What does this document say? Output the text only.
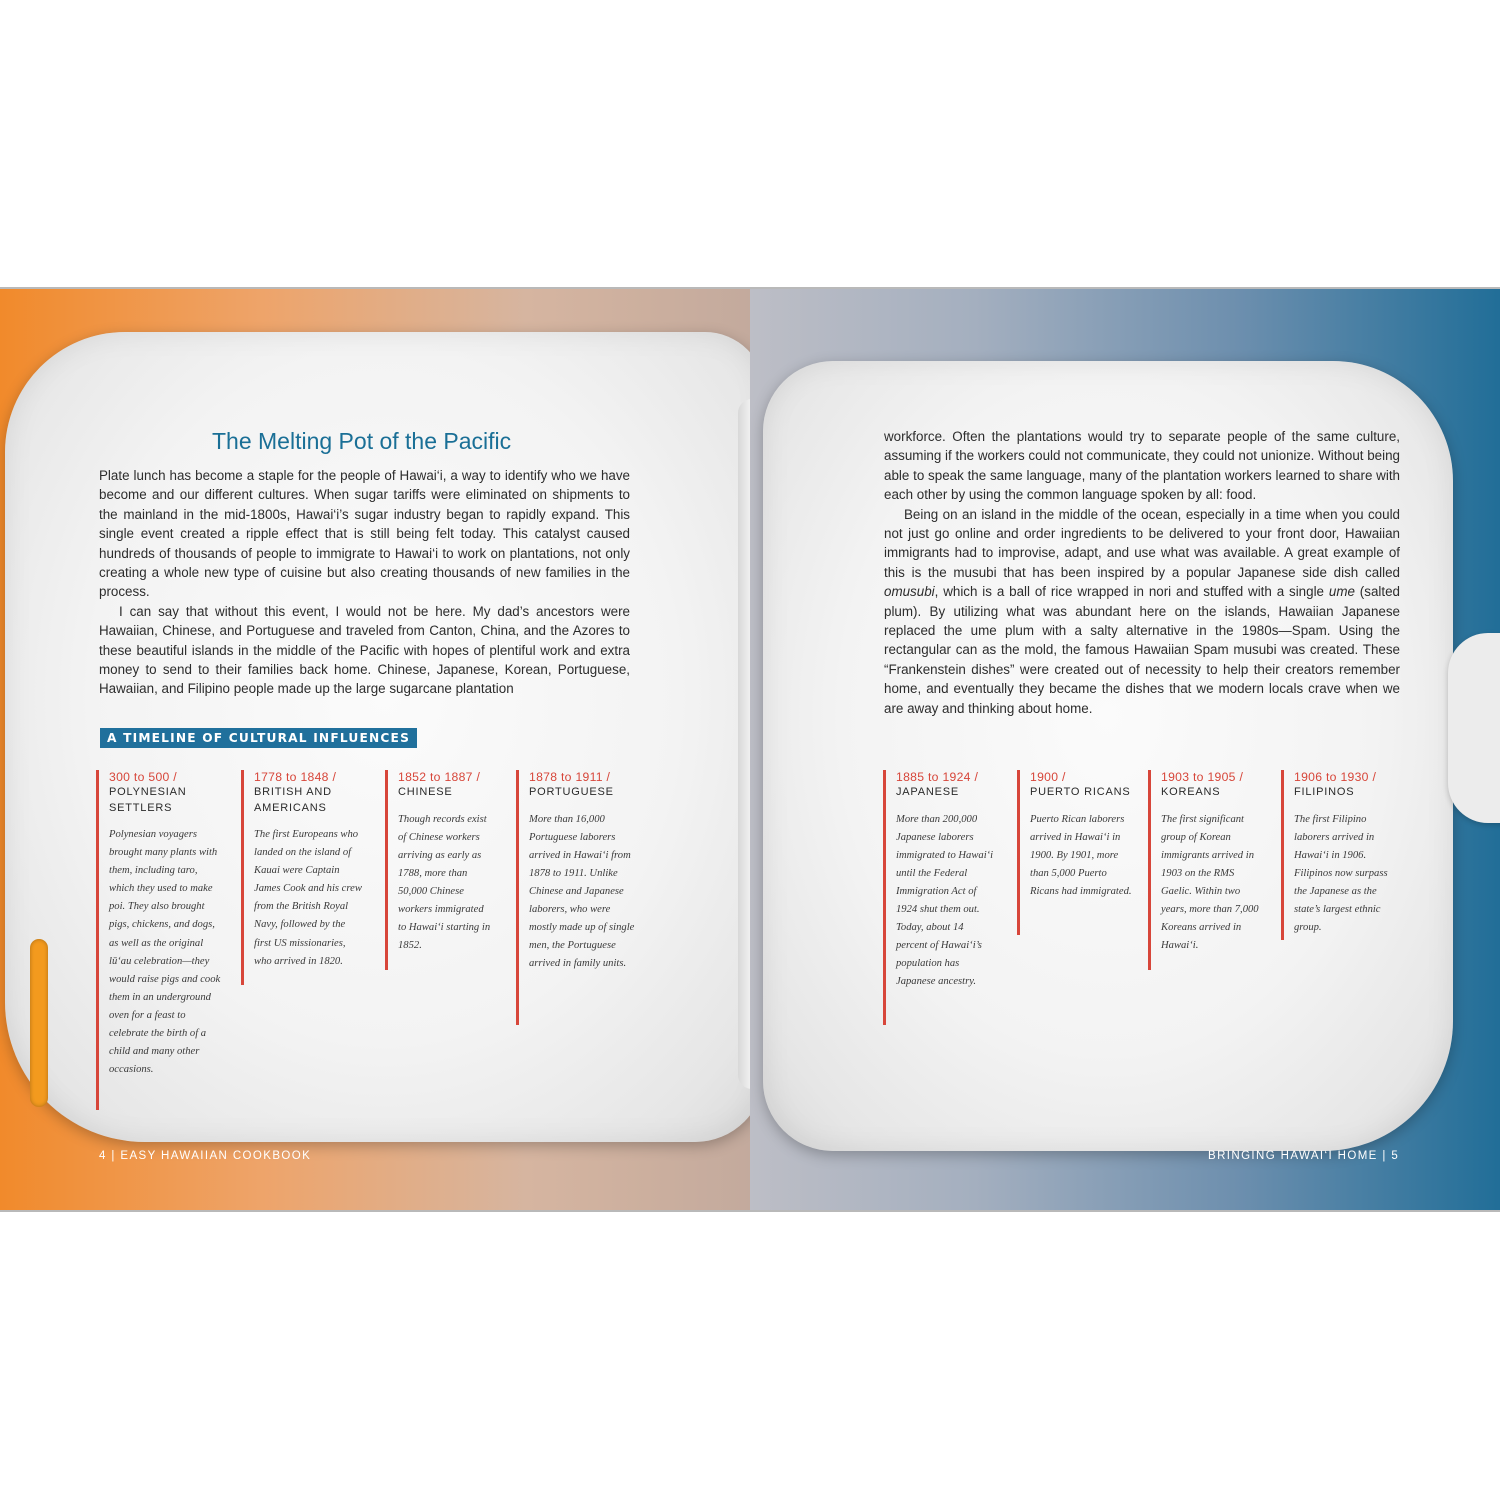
The Melting Pot of the Pacific

Plate lunch has become a staple for the people of Hawai‘i, a way to identify who we have become and our different cultures. When sugar tariffs were eliminated on shipments to the mainland in the mid-1800s, Hawai‘i’s sugar industry began to rapidly expand. This single event created a ripple effect that is still being felt today. This catalyst caused hundreds of thousands of people to immigrate to Hawai‘i to work on plantations, not only creating a whole new type of cuisine but also creating thousands of new families in the process.

I can say that without this event, I would not be here. My dad’s ancestors were Hawaiian, Chinese, and Portuguese and traveled from Canton, China, and the Azores to these beautiful islands in the middle of the Pacific with hopes of plentiful work and extra money to send to their families back home. Chinese, Japanese, Korean, Portuguese, Hawaiian, and Filipino people made up the large sugarcane plantation

A TIMELINE OF CULTURAL INFLUENCES
300 to 500 /
POLYNESIAN SETTLERS
Polynesian voyagers brought many plants with them, including taro, which they used to make poi. They also brought pigs, chickens, and dogs, as well as the original lū‘au celebration—they would raise pigs and cook them in an underground oven for a feast to celebrate the birth of a child and many other occasions.
1778 to 1848 /
BRITISH AND AMERICANS
The first Europeans who landed on the island of Kauai were Captain James Cook and his crew from the British Royal Navy, followed by the first US missionaries, who arrived in 1820.
1852 to 1887 /
CHINESE
Though records exist of Chinese workers arriving as early as 1788, more than 50,000 Chinese workers immigrated to Hawai‘i starting in 1852.
1878 to 1911 /
PORTUGUESE
More than 16,000 Portuguese laborers arrived in Hawai‘i from 1878 to 1911. Unlike Chinese and Japanese laborers, who were mostly made up of single men, the Portuguese arrived in family units.

workforce. Often the plantations would try to separate people of the same culture, assuming if the workers could not communicate, they could not unionize. Without being able to speak the same language, many of the plantation workers learned to share with each other by using the common language spoken by all: food.

Being on an island in the middle of the ocean, especially in a time when you could not just go online and order ingredients to be delivered to your front door, Hawaiian immigrants had to improvise, adapt, and use what was available. A great example of this is the musubi that has been inspired by a popular Japanese side dish called omusubi, which is a ball of rice wrapped in nori and stuffed with a single ume (salted plum). By utilizing what was abundant here on the islands, Hawaiian Japanese replaced the ume plum with a salty alternative in the 1980s—Spam. Using the rectangular can as the mold, the famous Hawaiian Spam musubi was created. These “Frankenstein dishes” were created out of necessity to help their creators remember home, and eventually they became the dishes that we modern locals crave when we are away and thinking about home.

1885 to 1924 /
JAPANESE
More than 200,000 Japanese laborers immigrated to Hawai‘i until the Federal Immigration Act of 1924 shut them out. Today, about 14 percent of Hawai‘i’s population has Japanese ancestry.
1900 /
PUERTO RICANS
Puerto Rican laborers arrived in Hawai‘i in 1900. By 1901, more than 5,000 Puerto Ricans had immigrated.
1903 to 1905 /
KOREANS
The first significant group of Korean immigrants arrived in 1903 on the RMS Gaelic. Within two years, more than 7,000 Koreans arrived in Hawai‘i.
1906 to 1930 /
FILIPINOS
The first Filipino laborers arrived in Hawai‘i in 1906. Filipinos now surpass the Japanese as the state’s largest ethnic group.
4 | EASY HAWAIIAN COOKBOOK	BRINGING HAWAI‘I HOME | 5
